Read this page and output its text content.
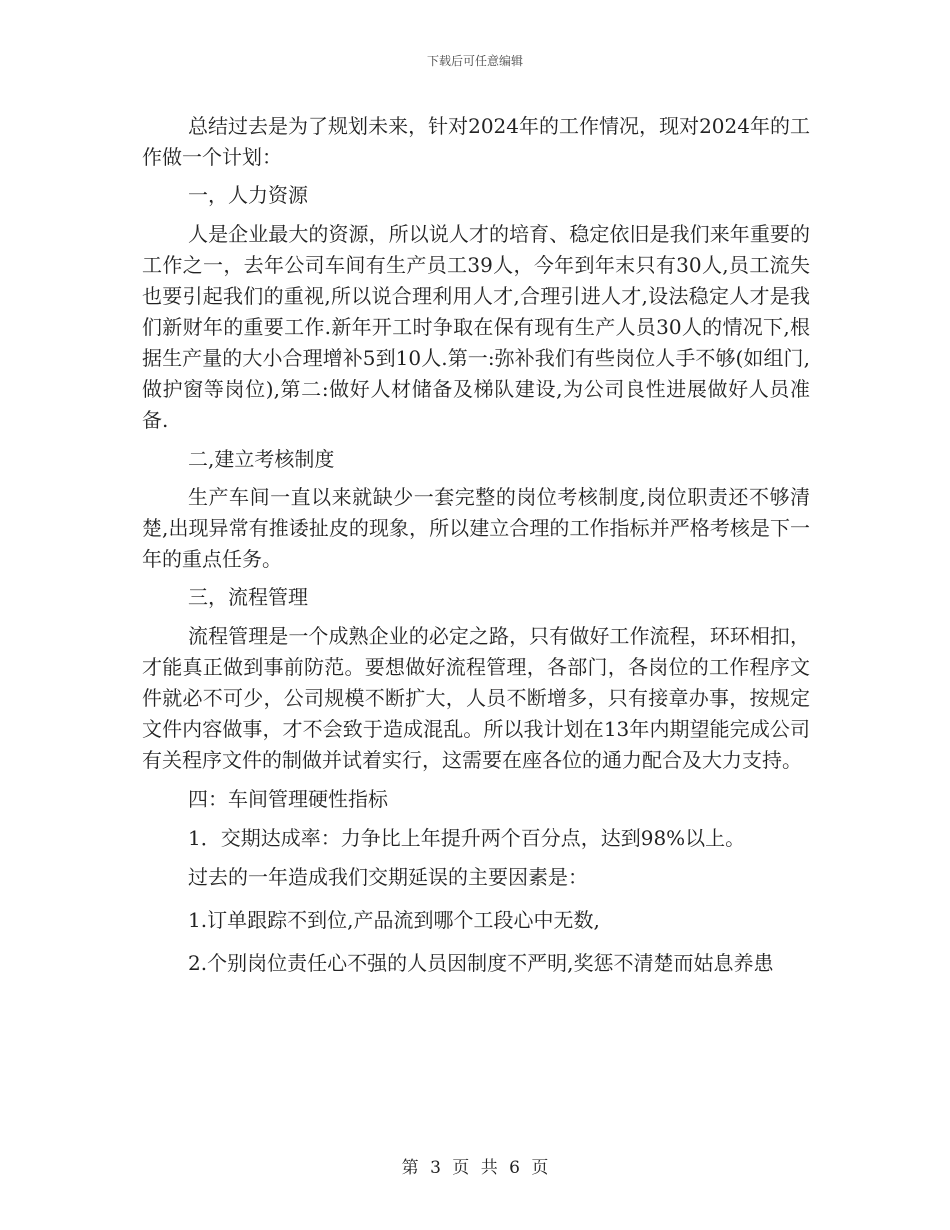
下载后可任意编辑

总结过去是为了规划未来，针对2024年的工作情况，现对2024年的工作做一个计划：

一，人力资源

人是企业最大的资源，所以说人才的培育、稳定依旧是我们来年重要的工作之一，去年公司车间有生产员工39人，今年到年末只有30人,员工流失也要引起我们的重视,所以说合理利用人才,合理引进人才,设法稳定人才是我们新财年的重要工作.新年开工时争取在保有现有生产人员30人的情况下,根据生产量的大小合理增补5到10人.第一:弥补我们有些岗位人手不够(如组门,做护窗等岗位),第二:做好人材储备及梯队建设,为公司良性进展做好人员准备.

二,建立考核制度

生产车间一直以来就缺少一套完整的岗位考核制度,岗位职责还不够清楚,出现异常有推诿扯皮的现象，所以建立合理的工作指标并严格考核是下一年的重点任务。

三，流程管理

流程管理是一个成熟企业的必定之路，只有做好工作流程，环环相扣，才能真正做到事前防范。要想做好流程管理，各部门，各岗位的工作程序文件就必不可少，公司规模不断扩大，人员不断增多，只有接章办事，按规定文件内容做事，才不会致于造成混乱。所以我计划在13年内期望能完成公司有关程序文件的制做并试着实行，这需要在座各位的通力配合及大力支持。

四：车间管理硬性指标

1．交期达成率：力争比上年提升两个百分点，达到98%以上。

过去的一年造成我们交期延误的主要因素是：

1.订单跟踪不到位,产品流到哪个工段心中无数,

2.个别岗位责任心不强的人员因制度不严明,奖惩不清楚而姑息养患

第 3 页 共 6 页
